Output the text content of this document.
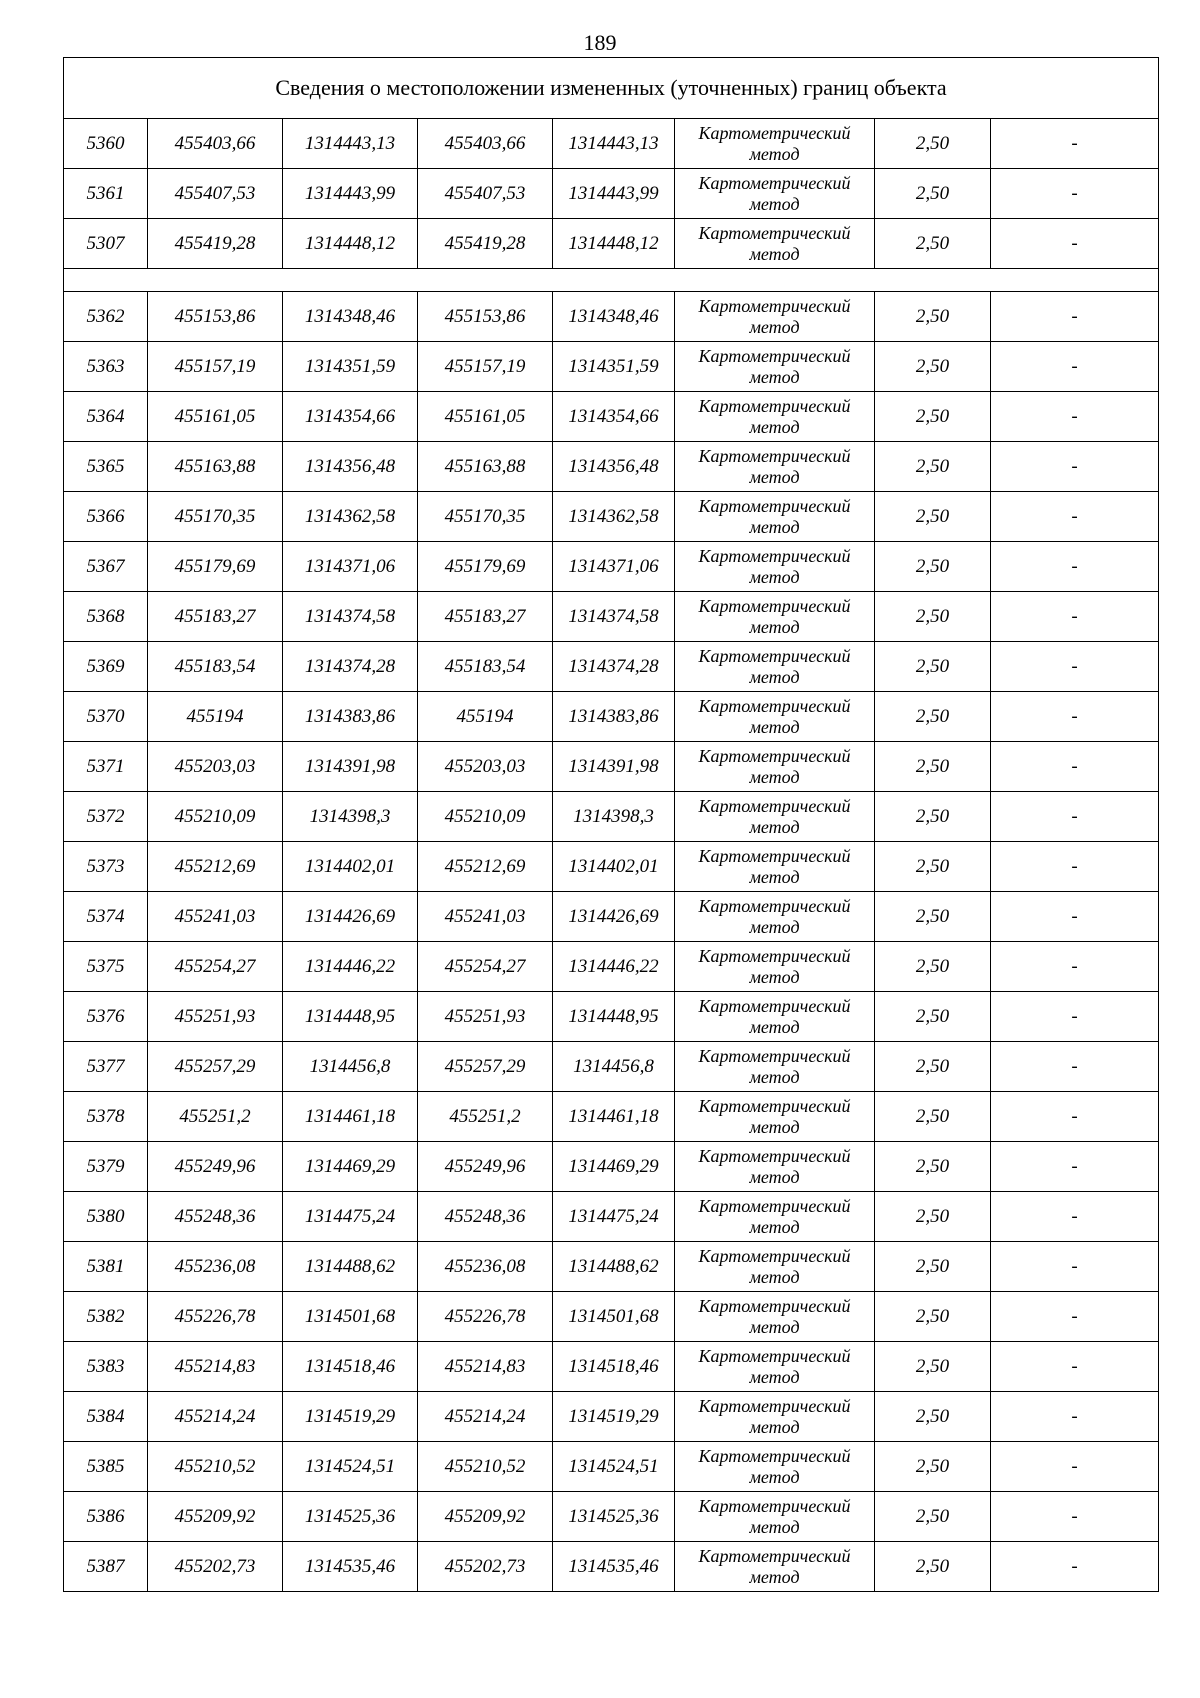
189
Сведения о местоположении измененных (уточненных) границ объекта							
5360	455403,66	1314443,13	455403,66	1314443,13	Картометрический метод	2,50	-
5361	455407,53	1314443,99	455407,53	1314443,99	Картометрический метод	2,50	-
5307	455419,28	1314448,12	455419,28	1314448,12	Картометрический метод	2,50	-

5362	455153,86	1314348,46	455153,86	1314348,46	Картометрический метод	2,50	-
5363	455157,19	1314351,59	455157,19	1314351,59	Картометрический метод	2,50	-
5364	455161,05	1314354,66	455161,05	1314354,66	Картометрический метод	2,50	-
5365	455163,88	1314356,48	455163,88	1314356,48	Картометрический метод	2,50	-
5366	455170,35	1314362,58	455170,35	1314362,58	Картометрический метод	2,50	-
5367	455179,69	1314371,06	455179,69	1314371,06	Картометрический метод	2,50	-
5368	455183,27	1314374,58	455183,27	1314374,58	Картометрический метод	2,50	-
5369	455183,54	1314374,28	455183,54	1314374,28	Картометрический метод	2,50	-
5370	455194	1314383,86	455194	1314383,86	Картометрический метод	2,50	-
5371	455203,03	1314391,98	455203,03	1314391,98	Картометрический метод	2,50	-
5372	455210,09	1314398,3	455210,09	1314398,3	Картометрический метод	2,50	-
5373	455212,69	1314402,01	455212,69	1314402,01	Картометрический метод	2,50	-
5374	455241,03	1314426,69	455241,03	1314426,69	Картометрический метод	2,50	-
5375	455254,27	1314446,22	455254,27	1314446,22	Картометрический метод	2,50	-
5376	455251,93	1314448,95	455251,93	1314448,95	Картометрический метод	2,50	-
5377	455257,29	1314456,8	455257,29	1314456,8	Картометрический метод	2,50	-
5378	455251,2	1314461,18	455251,2	1314461,18	Картометрический метод	2,50	-
5379	455249,96	1314469,29	455249,96	1314469,29	Картометрический метод	2,50	-
5380	455248,36	1314475,24	455248,36	1314475,24	Картометрический метод	2,50	-
5381	455236,08	1314488,62	455236,08	1314488,62	Картометрический метод	2,50	-
5382	455226,78	1314501,68	455226,78	1314501,68	Картометрический метод	2,50	-
5383	455214,83	1314518,46	455214,83	1314518,46	Картометрический метод	2,50	-
5384	455214,24	1314519,29	455214,24	1314519,29	Картометрический метод	2,50	-
5385	455210,52	1314524,51	455210,52	1314524,51	Картометрический метод	2,50	-
5386	455209,92	1314525,36	455209,92	1314525,36	Картометрический метод	2,50	-
5387	455202,73	1314535,46	455202,73	1314535,46	Картометрический метод	2,50	-
